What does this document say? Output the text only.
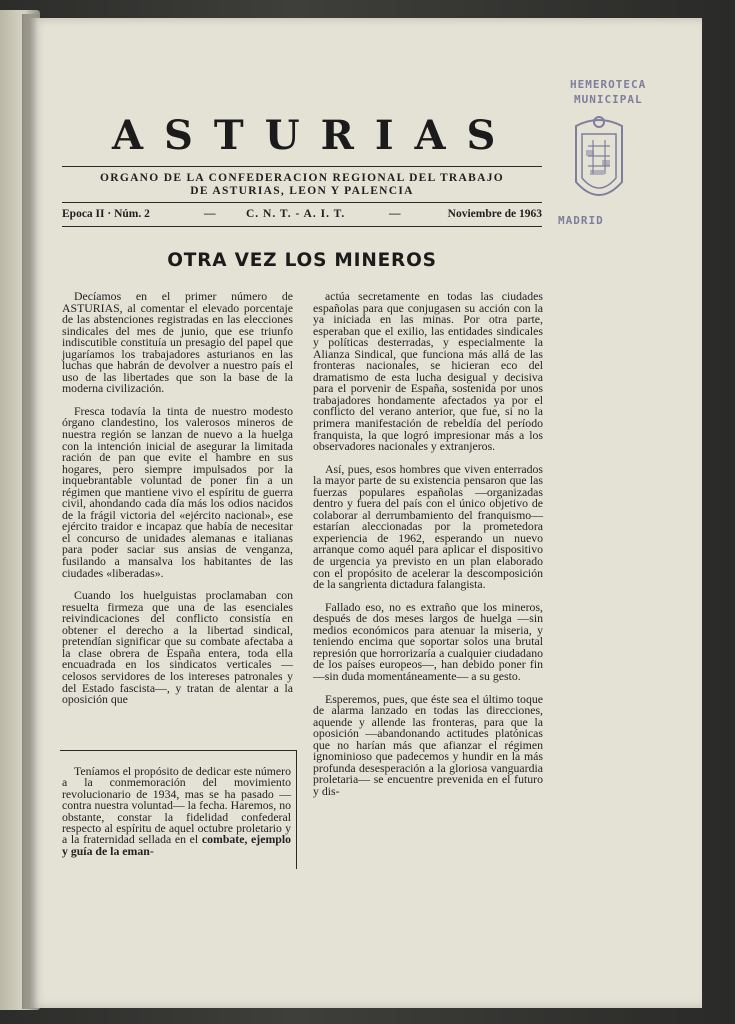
HEMEROTECA
MUNICIPAL
MADRID
ASTURIAS
ORGANO DE LA CONFEDERACION REGIONAL DEL TRABAJO
DE ASTURIAS, LEON Y PALENCIA
Epoca II · Núm. 2	—	C. N. T. - A. I. T.	—	Noviembre de 1963
OTRA VEZ LOS MINEROS

Decíamos en el primer número de ASTURIAS, al comentar el elevado porcentaje de las abstenciones registradas en las elecciones sindicales del mes de junio, que ese triunfo indiscutible constituía un presagio del papel que jugaríamos los trabajadores asturianos en las luchas que habrán de devolver a nuestro país el uso de las libertades que son la base de la moderna civilización.

Fresca todavía la tinta de nuestro modesto órgano clandestino, los valerosos mineros de nuestra región se lanzan de nuevo a la huelga con la intención inicial de asegurar la limitada ración de pan que evite el hambre en sus hogares, pero siempre impulsados por la inquebrantable voluntad de poner fin a un régimen que mantiene vivo el espíritu de guerra civil, ahondando cada día más los odios nacidos de la frágil victoria del «ejército nacional», ese ejército traidor e incapaz que había de necesitar el concurso de unidades alemanas e italianas para poder saciar sus ansias de venganza, fusilando a mansalva los habitantes de las ciudades «liberadas».

Cuando los huelguistas proclamaban con resuelta firmeza que una de las esenciales reivindicaciones del conflicto consistía en obtener el derecho a la libertad sindical, pretendían significar que su combate afectaba a la clase obrera de España entera, toda ella encuadrada en los sindicatos verticales —celosos servidores de los intereses patronales y del Estado fascista—, y tratan de alentar a la oposición que

actúa secretamente en todas las ciudades españolas para que conjugasen su acción con la ya iniciada en las minas. Por otra parte, esperaban que el exilio, las entidades sindicales y políticas desterradas, y especialmente la Alianza Sindical, que funciona más allá de las fronteras nacionales, se hicieran eco del dramatismo de esta lucha desigual y decisiva para el porvenir de España, sostenida por unos trabajadores hondamente afectados ya por el conflicto del verano anterior, que fue, si no la primera manifestación de rebeldía del período franquista, la que logró impresionar más a los observadores nacionales y extranjeros.

Así, pues, esos hombres que viven enterrados la mayor parte de su existencia pensaron que las fuerzas populares españolas —organizadas dentro y fuera del país con el único objetivo de colaborar al derrumbamiento del franquismo— estarían aleccionadas por la prometedora experiencia de 1962, esperando un nuevo arranque como aquél para aplicar el dispositivo de urgencia ya previsto en un plan elaborado con el propósito de acelerar la descomposición de la sangrienta dictadura falangista.

Fallado eso, no es extraño que los mineros, después de dos meses largos de huelga —sin medios económicos para atenuar la miseria, y teniendo encima que soportar solos una brutal represión que horrorizaría a cualquier ciudadano de los países europeos—, han debido poner fin —sin duda momentáneamente— a su gesto.

Esperemos, pues, que éste sea el último toque de alarma lanzado en todas las direcciones, aquende y allende las fronteras, para que la oposición —abandonando actitudes platónicas que no harían más que afianzar el régimen ignominioso que padecemos y hundir en la más profunda desesperación a la gloriosa vanguardia proletaria— se encuentre prevenida en el futuro y dis-

Teníamos el propósito de dedicar este número a la conmemoración del movimiento revolucionario de 1934, mas se ha pasado —contra nuestra voluntad— la fecha. Haremos, no obstante, constar la fidelidad confederal respecto al espíritu de aquel octubre proletario y a la fraternidad sellada en el combate, ejemplo y guía de la eman-
